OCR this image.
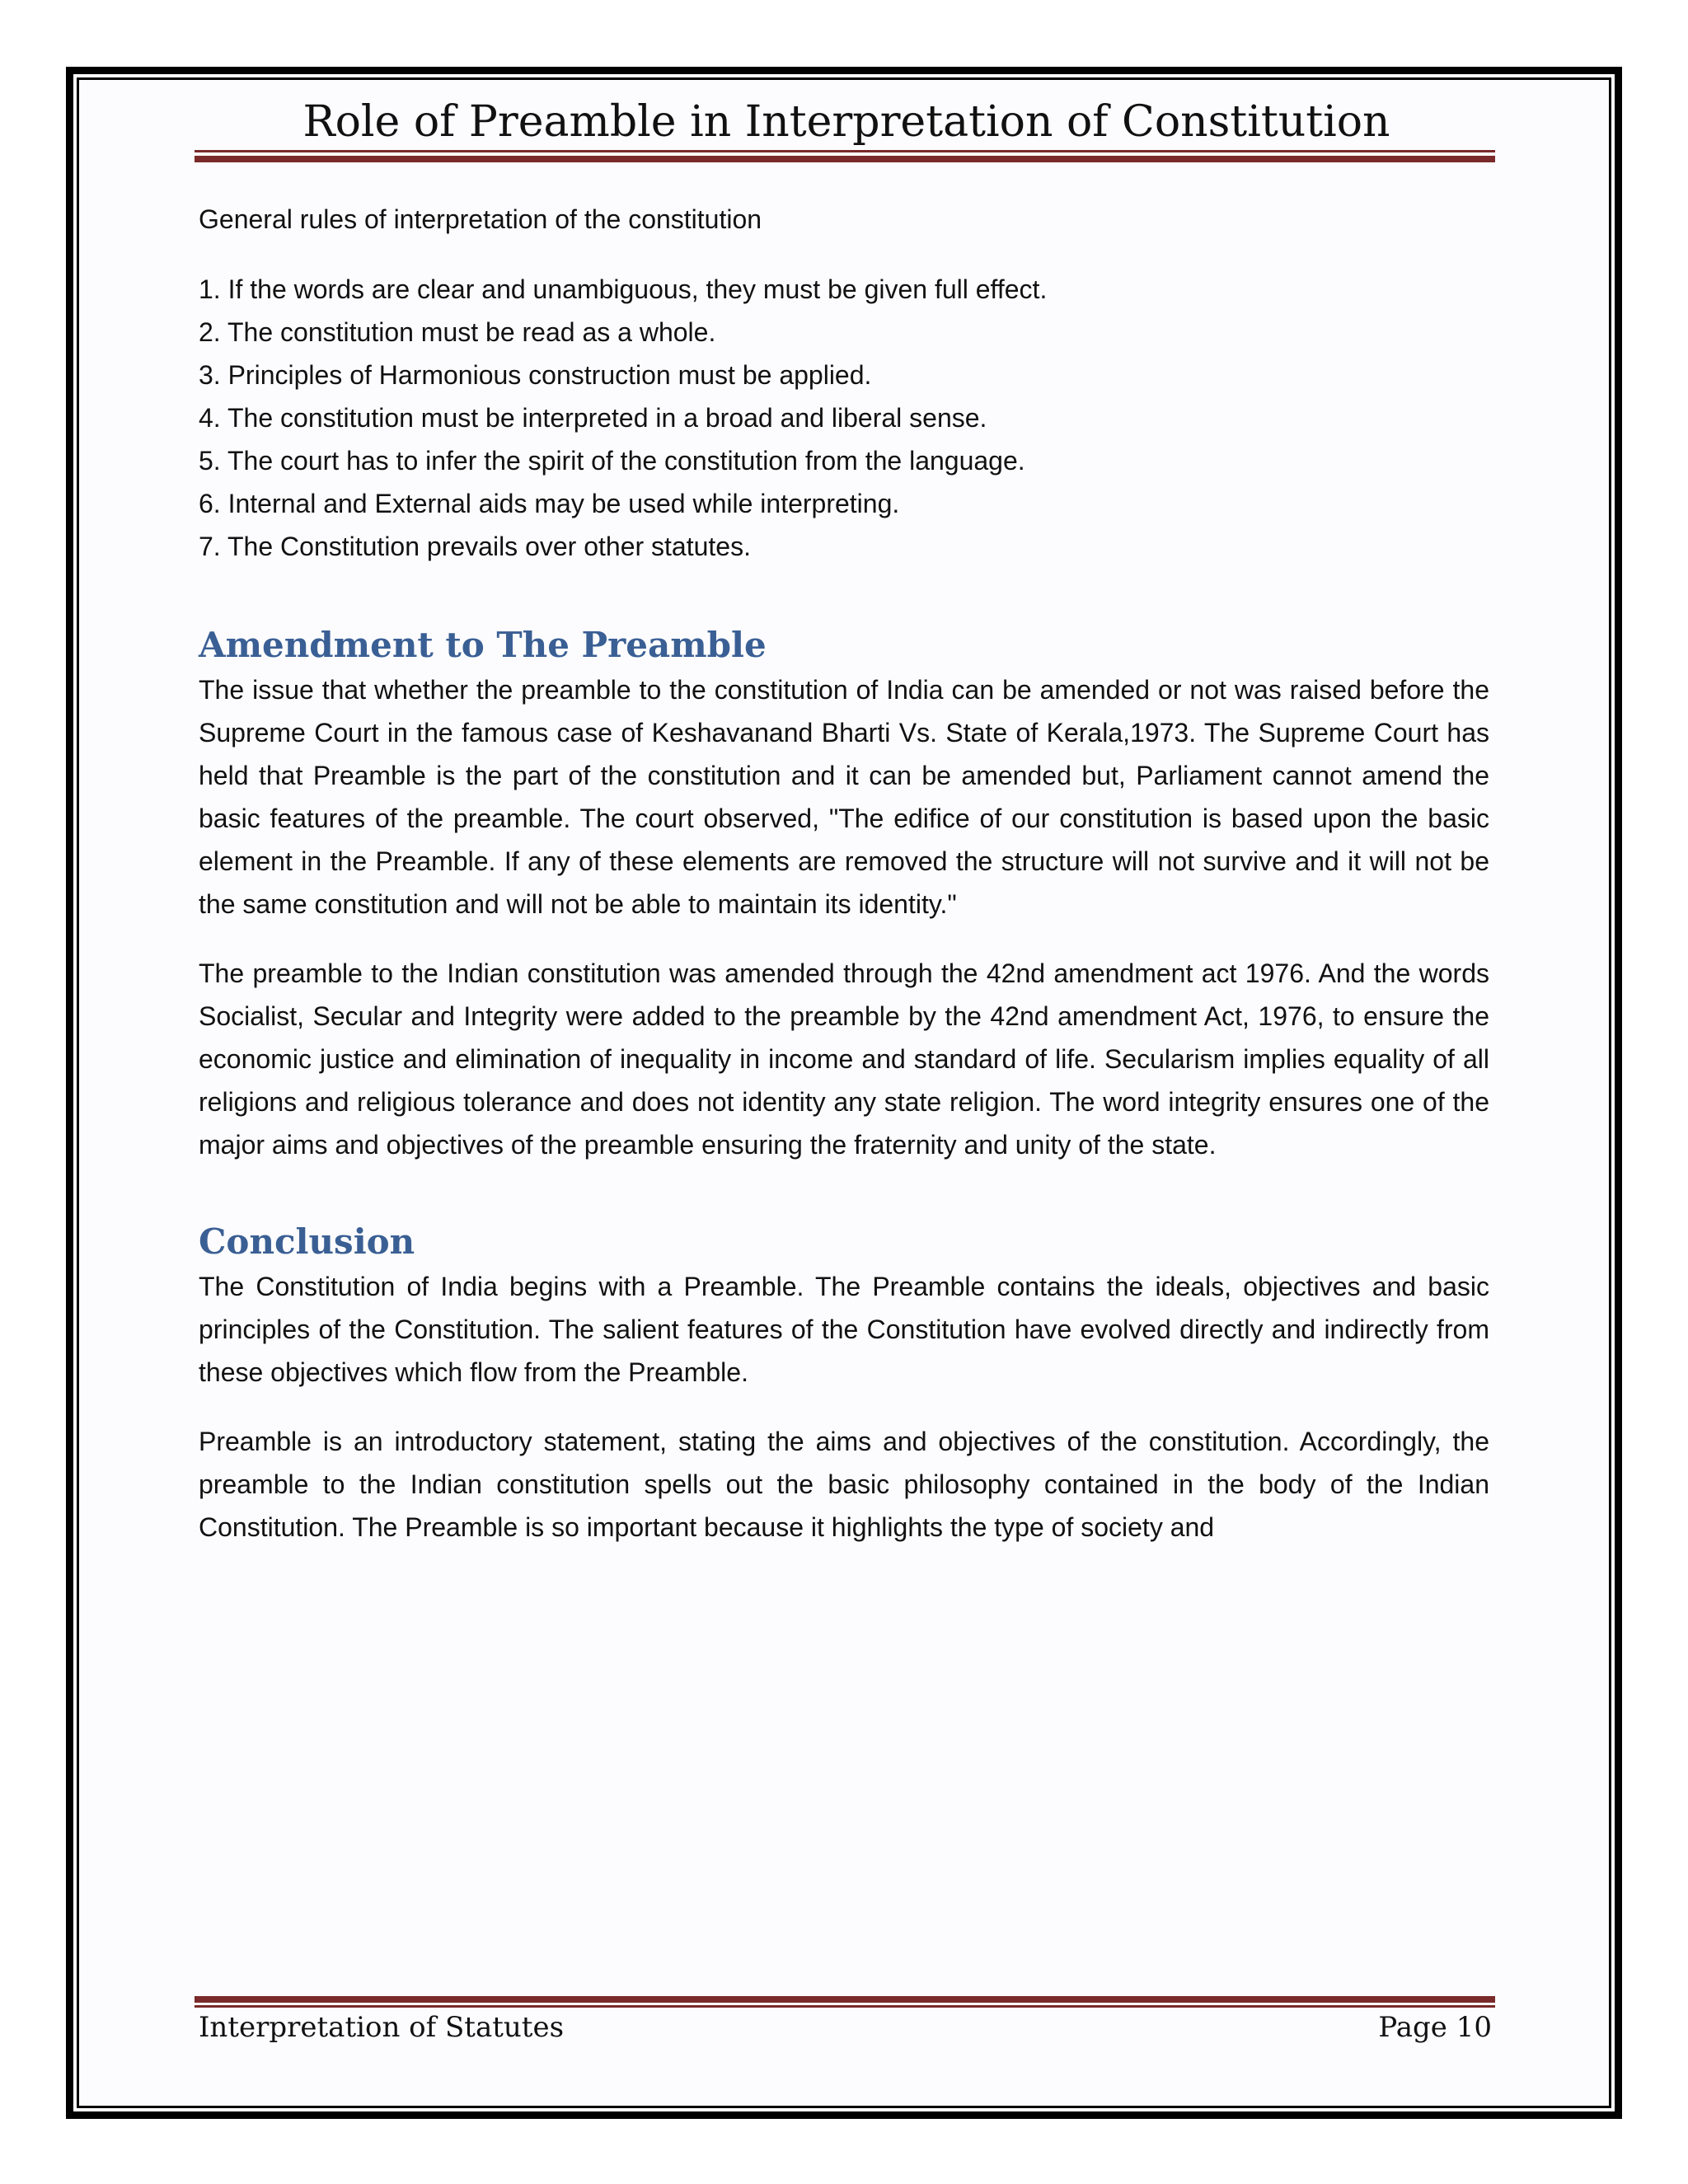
Role of Preamble in Interpretation of Constitution

General rules of interpretation of the constitution

1. If the words are clear and unambiguous, they must be given full effect.

2. The constitution must be read as a whole.

3. Principles of Harmonious construction must be applied.

4. The constitution must be interpreted in a broad and liberal sense.

5. The court has to infer the spirit of the constitution from the language.

6. Internal and External aids may be used while interpreting.

7. The Constitution prevails over other statutes.

Amendment to The Preamble

The issue that whether the preamble to the constitution of India can be amended or not was raised before the Supreme Court in the famous case of Keshavanand Bharti Vs. State of Kerala,1973. The Supreme Court has held that Preamble is the part of the constitution and it can be amended but, Parliament cannot amend the basic features of the preamble. The court observed, "The edifice of our constitution is based upon the basic element in the Preamble. If any of these elements are removed the structure will not survive and it will not be the same constitution and will not be able to maintain its identity."

The preamble to the Indian constitution was amended through the 42nd amendment act 1976. And the words Socialist, Secular and Integrity were added to the preamble by the 42nd amendment Act, 1976, to ensure the economic justice and elimination of inequality in income and standard of life. Secularism implies equality of all religions and religious tolerance and does not identity any state religion. The word integrity ensures one of the major aims and objectives of the preamble ensuring the fraternity and unity of the state.

Conclusion

The Constitution of India begins with a Preamble. The Preamble contains the ideals, objectives and basic principles of the Constitution. The salient features of the Constitution have evolved directly and indirectly from these objectives which flow from the Preamble.

Preamble is an introductory statement, stating the aims and objectives of the constitution. Accordingly, the preamble to the Indian constitution spells out the basic philosophy contained in the body of the Indian Constitution. The Preamble is so important because it highlights the type of society and

Interpretation of Statutes	Page 10
